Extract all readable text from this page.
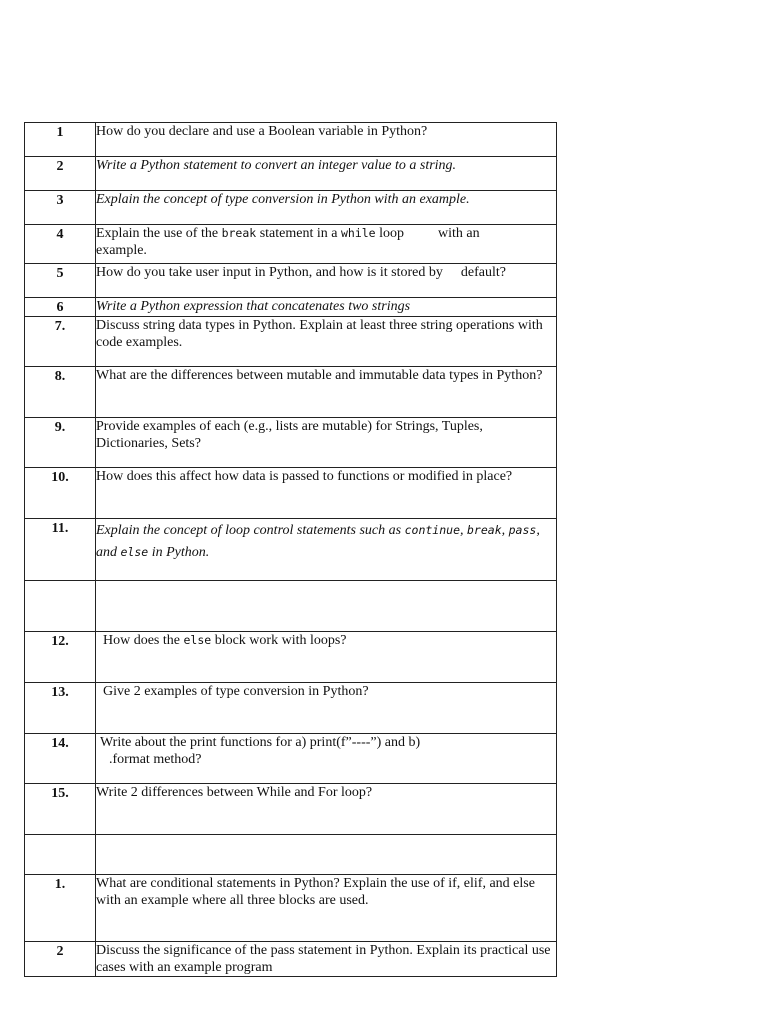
1	How do you declare and use a Boolean variable in Python?
2	Write a Python statement to convert an integer value to a string.
3	Explain the concept of type conversion in Python with an example.
4	Explain the use of the break statement in a while loop with an
example.
5	How do you take user input in Python, and how is it stored by default?
6	Write a Python expression that concatenates two strings
7.	Discuss string data types in Python. Explain at least three string operations with code examples.
8.	What are the differences between mutable and immutable data types in Python?
9.	Provide examples of each (e.g., lists are mutable) for Strings, Tuples, Dictionaries, Sets?
10.	How does this affect how data is passed to functions or modified in place?
11.	Explain the concept of loop control statements such as continue, break, pass,
and else in Python.

12.	How does the else block work with loops?
13.	Give 2 examples of type conversion in Python?
14.	Write about the print functions for a) print(f”----”) and b)
.format method?

15.	Write 2 differences between While and For loop?

1.	What are conditional statements in Python? Explain the use of if, elif, and else with an example where all three blocks are used.
2	Discuss the significance of the pass statement in Python. Explain its practical use cases with an example program
